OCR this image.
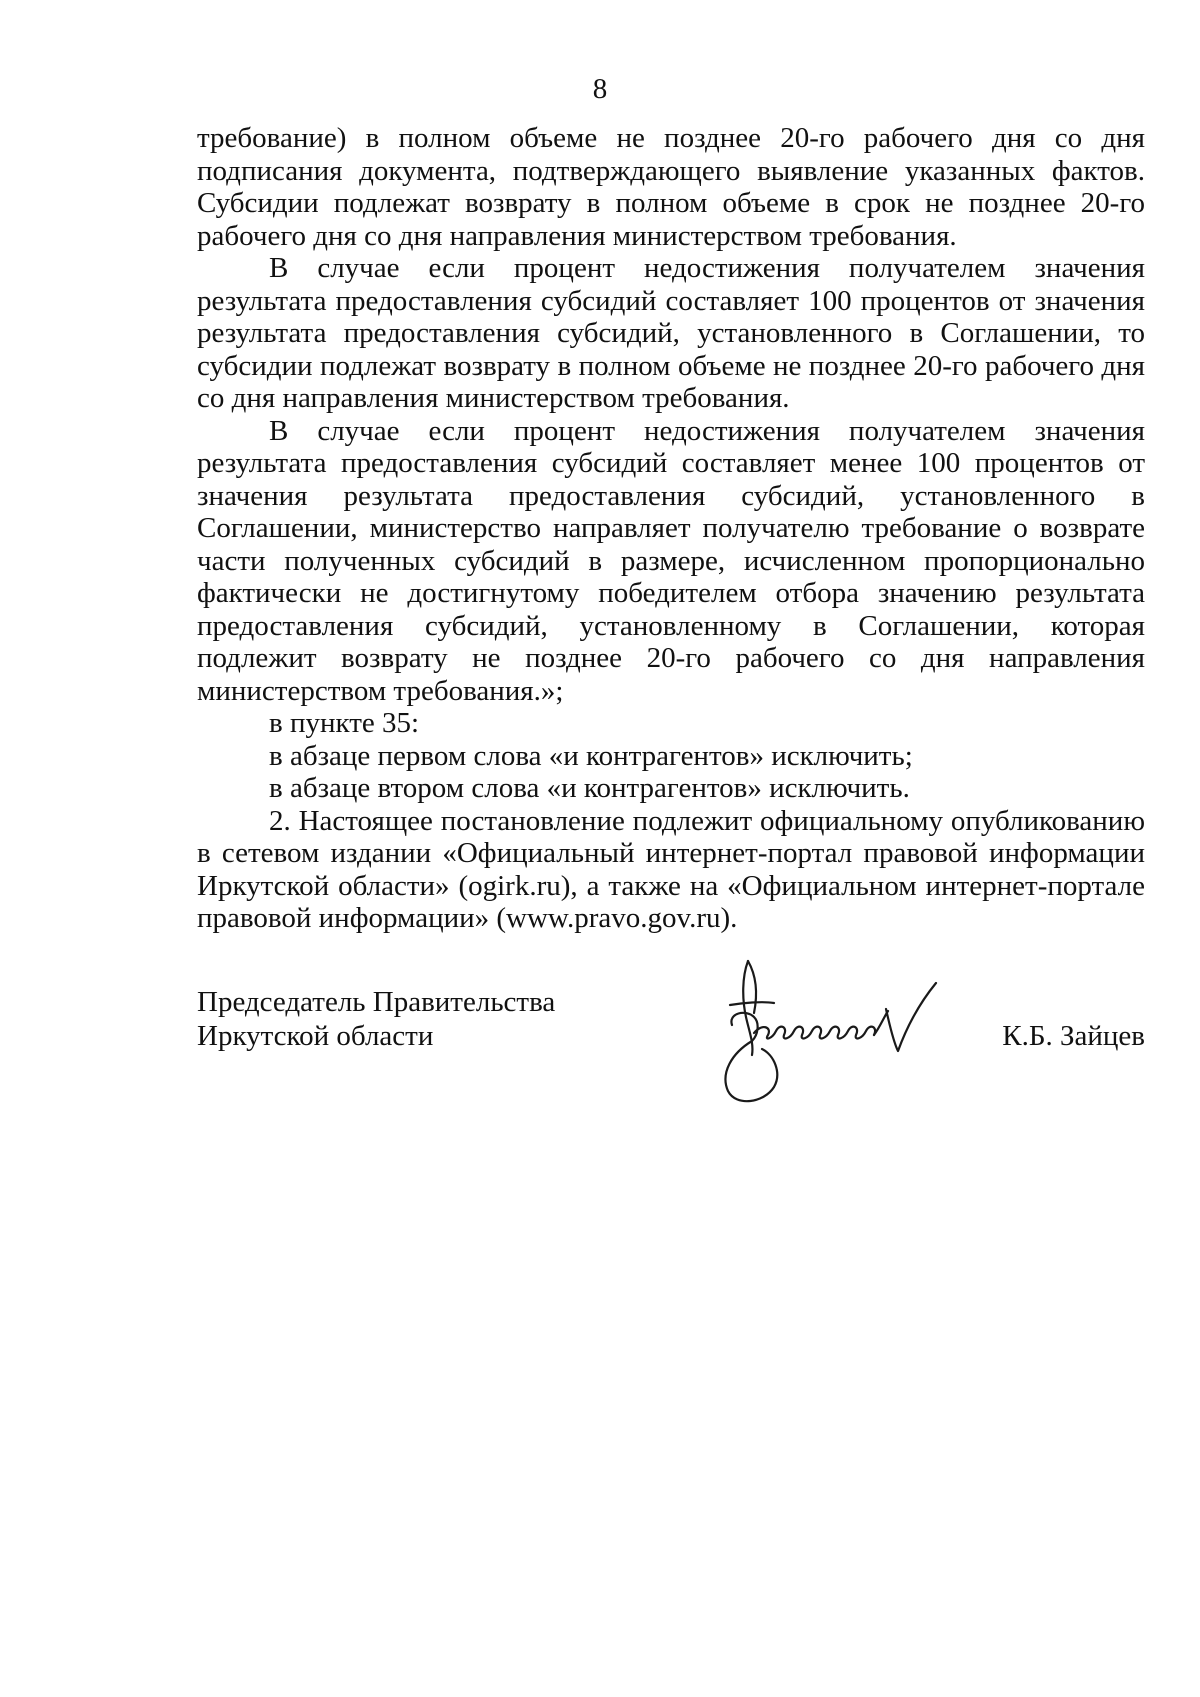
8

требование) в полном объеме не позднее 20-го рабочего дня со дня подписания документа, подтверждающего выявление указанных фактов. Субсидии подлежат возврату в полном объеме в срок не позднее 20-го рабочего дня со дня направления министерством требования.

В случае если процент недостижения получателем значения результата предоставления субсидий составляет 100 процентов от значения результата предоставления субсидий, установленного в Соглашении, то субсидии подлежат возврату в полном объеме не позднее 20-го рабочего дня со дня направления министерством требования.

В случае если процент недостижения получателем значения результата предоставления субсидий составляет менее 100 процентов от значения результата предоставления субсидий, установленного в Соглашении, министерство направляет получателю требование о возврате части полученных субсидий в размере, исчисленном пропорционально фактически не достигнутому победителем отбора значению результата предоставления субсидий, установленному в Соглашении, которая подлежит возврату не позднее 20-го рабочего со дня направления министерством требования.»;

в пункте 35:

в абзаце первом слова «и контрагентов» исключить;

в абзаце втором слова «и контрагентов» исключить.

2. Настоящее постановление подлежит официальному опубликованию в сетевом издании «Официальный интернет-портал правовой информации Иркутской области» (ogirk.ru), а также на «Официальном интернет-портале правовой информации» (www.pravo.gov.ru).

Председатель Правительства
Иркутской области	К.Б. Зайцев
